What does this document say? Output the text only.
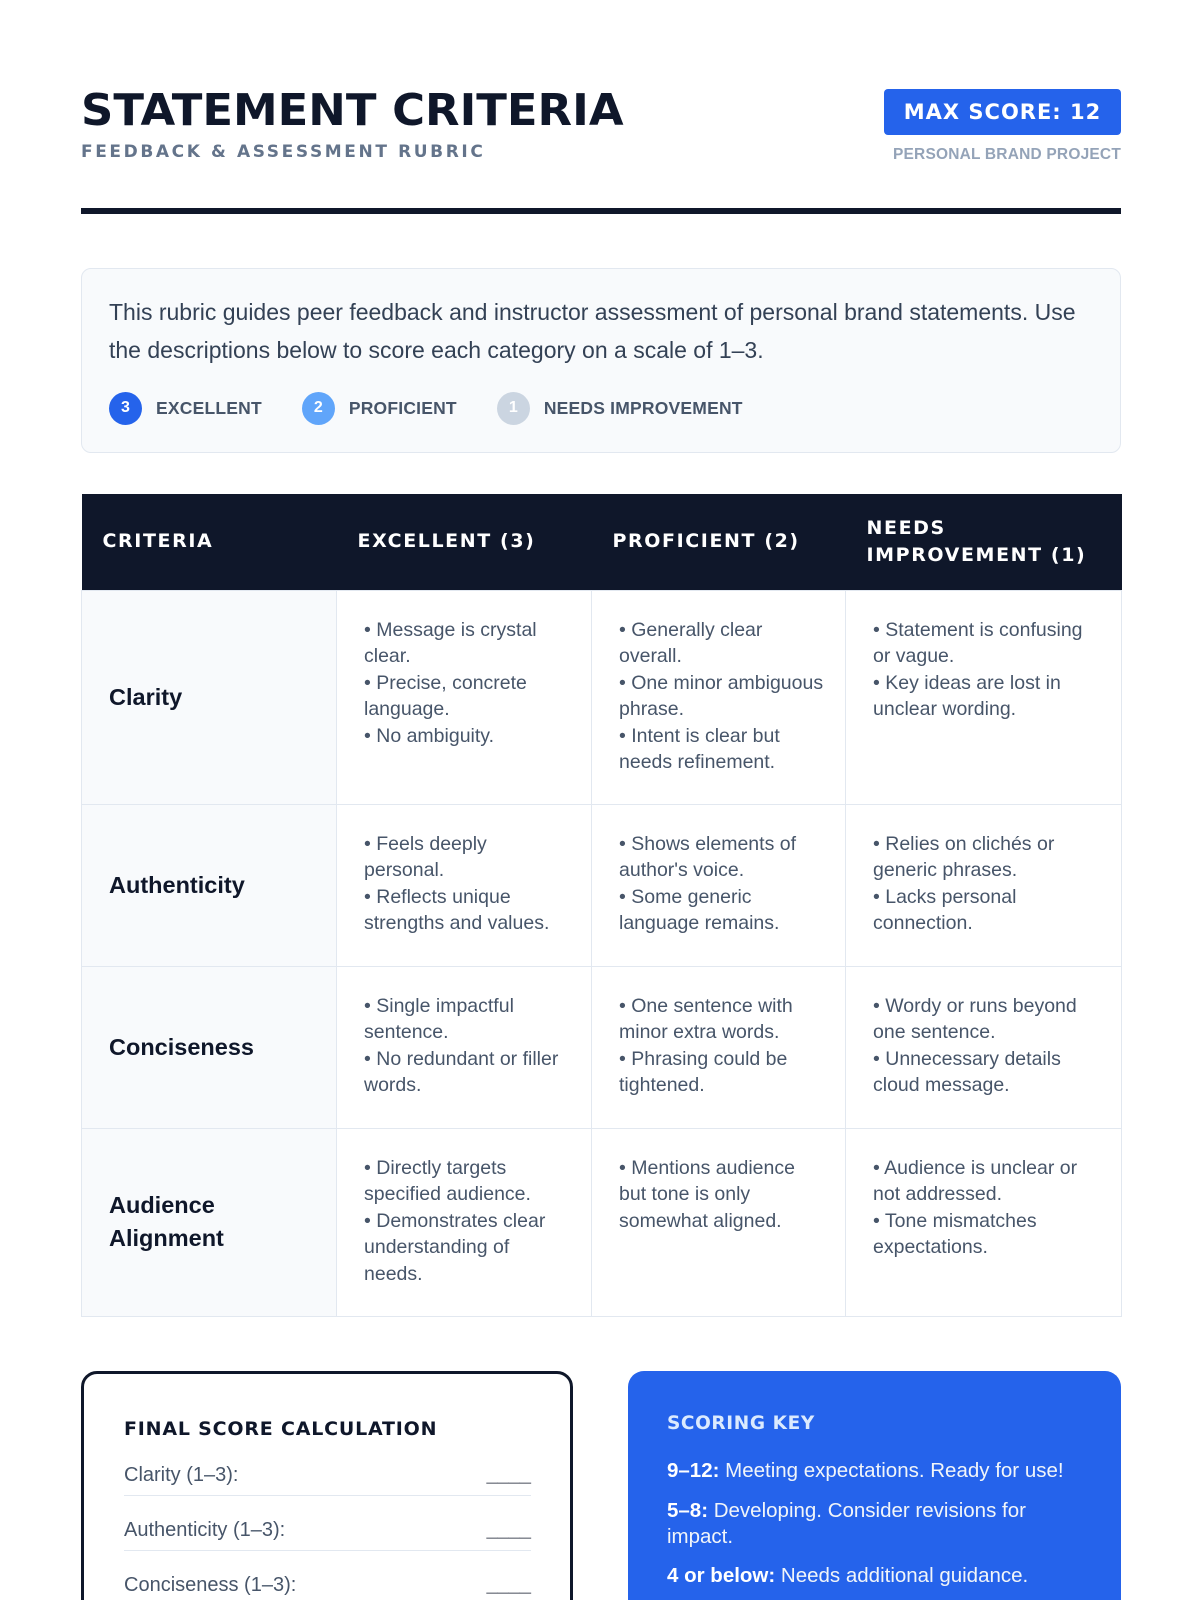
STATEMENT CRITERIA
FEEDBACK & ASSESSMENT RUBRIC
MAX SCORE: 12
PERSONAL BRAND PROJECT
This rubric guides peer feedback and instructor assessment of personal brand statements. Use the descriptions below to score each category on a scale of 1–3.
3	EXCELLENT	2	PROFICIENT	1	NEEDS IMPROVEMENT
CRITERIA	EXCELLENT (3)	PROFICIENT (2)	NEEDS IMPROVEMENT (1)
Clarity	• Message is crystal clear.
• Precise, concrete language.
• No ambiguity.	• Generally clear overall.
• One minor ambiguous phrase.
• Intent is clear but needs refinement.	• Statement is confusing or vague.
• Key ideas are lost in unclear wording.

Authenticity	• Feels deeply personal.
• Reflects unique strengths and values.	• Shows elements of author's voice.
• Some generic language remains.	• Relies on clichés or generic phrases.
• Lacks personal connection.

Conciseness	• Single impactful sentence.
• No redundant or filler words.	• One sentence with minor extra words.
• Phrasing could be tightened.	• Wordy or runs beyond one sentence.
• Unnecessary details cloud message.

Audience Alignment	• Directly targets specified audience.
• Demonstrates clear understanding of needs.	• Mentions audience but tone is only somewhat aligned.	• Audience is unclear or not addressed.
• Tone mismatches expectations.
FINAL SCORE CALCULATION
Clarity (1–3):	____
Authenticity (1–3):	____
Conciseness (1–3):	____
SCORING KEY
9–12: Meeting expectations. Ready for use!
5–8: Developing. Consider revisions for impact.
4 or below: Needs additional guidance.
